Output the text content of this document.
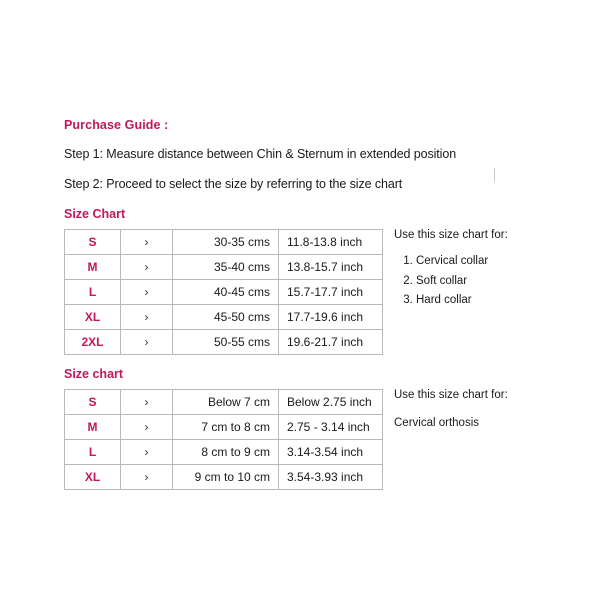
Purchase Guide :
Step 1: Measure distance between Chin & Sternum in extended position
Step 2: Proceed to select the size by referring to the size chart
Size Chart
S	›	30-35 cms	11.8-13.8 inch
M	›	35-40 cms	13.8-15.7 inch
L	›	40-45 cms	15.7-17.7 inch
XL	›	45-50 cms	17.7-19.6 inch
2XL	›	50-55 cms	19.6-21.7 inch
Use this size chart for:
1. Cervical collar
2. Soft collar
3. Hard collar
Size chart
S	›	Below 7 cm	Below 2.75 inch
M	›	7 cm to 8 cm	2.75 - 3.14 inch
L	›	8 cm to 9 cm	3.14-3.54 inch
XL	›	9 cm to 10 cm	3.54-3.93 inch
Use this size chart for:
Cervical orthosis
